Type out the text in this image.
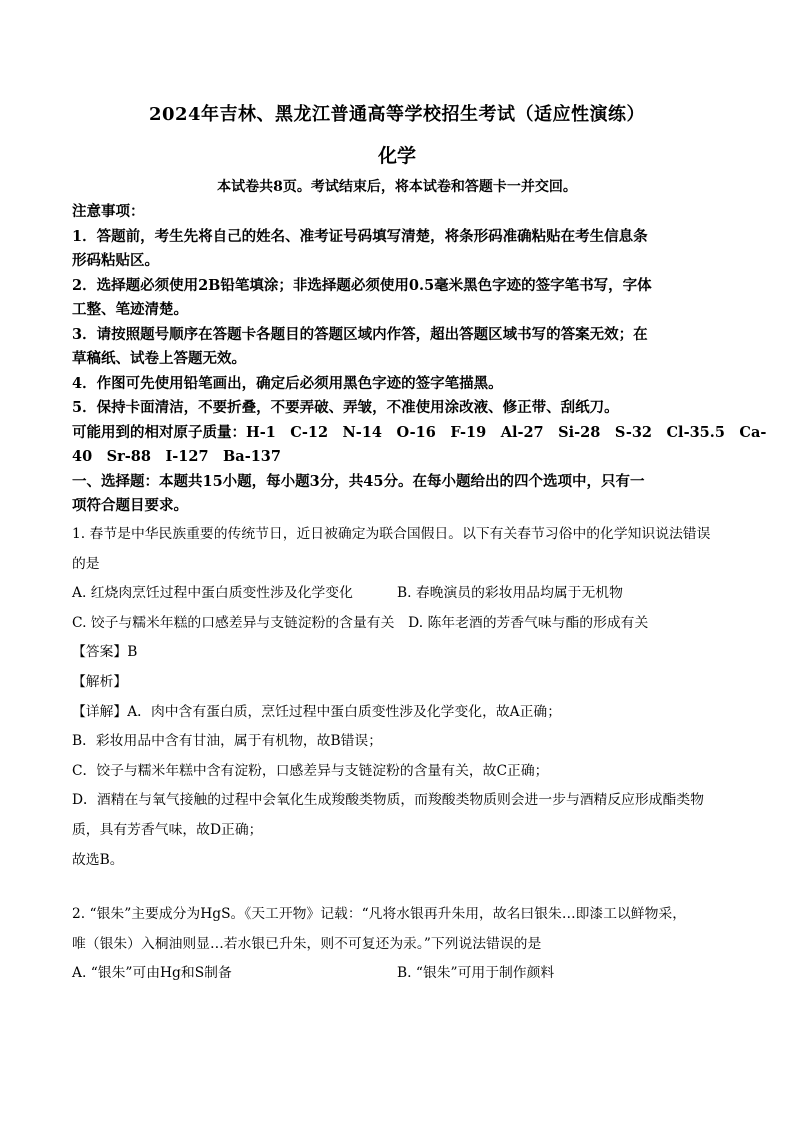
2024年吉林、黑龙江普通高等学校招生考试（适应性演练）
化学
本试卷共8页。考试结束后，将本试卷和答题卡一并交回。
注意事项：
1．答题前，考生先将自己的姓名、准考证号码填写清楚，将条形码准确粘贴在考生信息条
形码粘贴区。
2．选择题必须使用2B铅笔填涂；非选择题必须使用0.5毫米黑色字迹的签字笔书写，字体
工整、笔迹清楚。
3．请按照题号顺序在答题卡各题目的答题区域内作答，超出答题区域书写的答案无效；在
草稿纸、试卷上答题无效。
4．作图可先使用铅笔画出，确定后必须用黑色字迹的签字笔描黑。
5．保持卡面清洁，不要折叠，不要弄破、弄皱，不准使用涂改液、修正带、刮纸刀。
可能用到的相对原子质量：H-1　C-12　N-14　O-16　F-19　Al-27　Si-28　S-32　Cl-35.5　Ca-
40　Sr-88　I-127　Ba-137
一、选择题：本题共15小题，每小题3分，共45分。在每小题给出的四个选项中，只有一
项符合题目要求。
1. 春节是中华民族重要的传统节日，近日被确定为联合国假日。以下有关春节习俗中的化学知识说法错误
的是
A. 红烧肉烹饪过程中蛋白质变性涉及化学变化	B. 春晚演员的彩妆用品均属于无机物
C. 饺子与糯米年糕的口感差异与支链淀粉的含量有关　D. 陈年老酒的芳香气味与酯的形成有关
【答案】B
【解析】
【详解】A．肉中含有蛋白质，烹饪过程中蛋白质变性涉及化学变化，故A正确；
B．彩妆用品中含有甘油，属于有机物，故B错误；
C．饺子与糯米年糕中含有淀粉，口感差异与支链淀粉的含量有关，故C正确；
D．酒精在与氧气接触的过程中会氧化生成羧酸类物质，而羧酸类物质则会进一步与酒精反应形成酯类物
质，具有芳香气味，故D正确；
故选B。
2. “银朱”主要成分为HgS。《天工开物》记载：“凡将水银再升朱用，故名曰银朱…即漆工以鲜物采，
唯（银朱）入桐油则显…若水银已升朱，则不可复还为汞。”下列说法错误的是
A. “银朱”可由Hg和S制备	B. “银朱”可用于制作颜料
